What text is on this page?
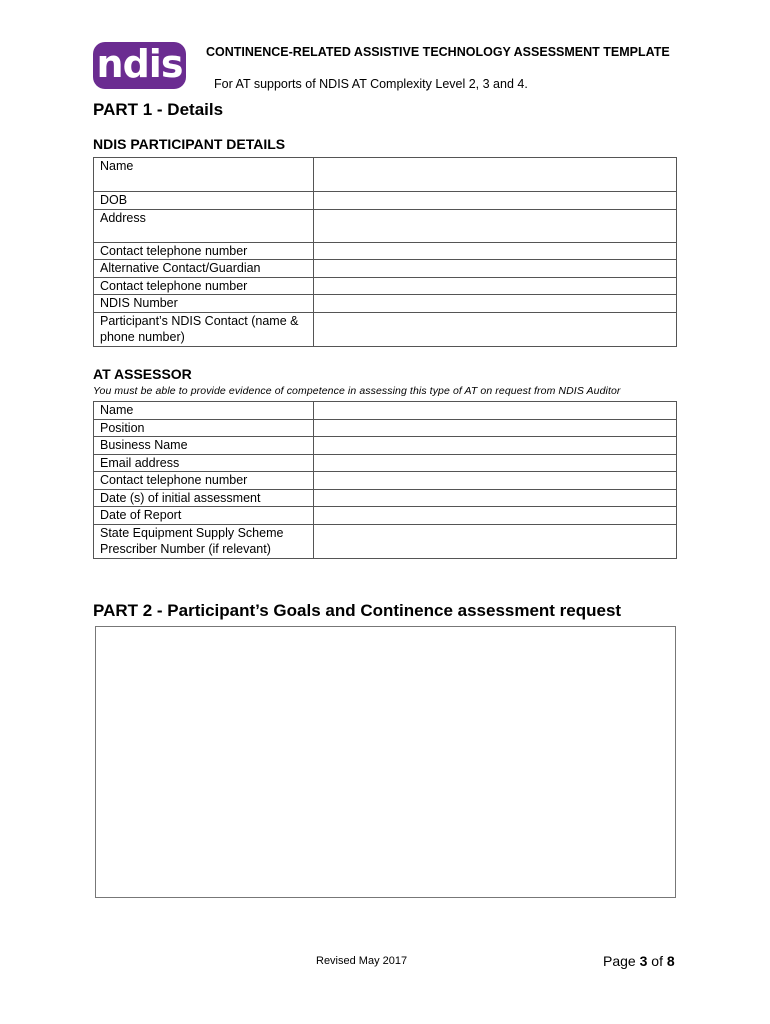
ndis CONTINENCE-RELATED ASSISTIVE TECHNOLOGY ASSESSMENT TEMPLATE
For AT supports of NDIS AT Complexity Level 2, 3 and 4.
PART 1 - Details
NDIS PARTICIPANT DETAILS
Name	
DOB	
Address	
Contact telephone number	
Alternative Contact/Guardian	
Contact telephone number	
NDIS Number	
Participant’s NDIS Contact (name & phone number)	
AT ASSESSOR
You must be able to provide evidence of competence in assessing this type of AT on request from NDIS Auditor
Name	
Position	
Business Name	
Email address	
Contact telephone number	
Date (s) of initial assessment	
Date of Report	
State Equipment Supply Scheme Prescriber Number (if relevant)	
PART 2 - Participant’s Goals and Continence assessment request
Revised May 2017	Page 3 of 8
